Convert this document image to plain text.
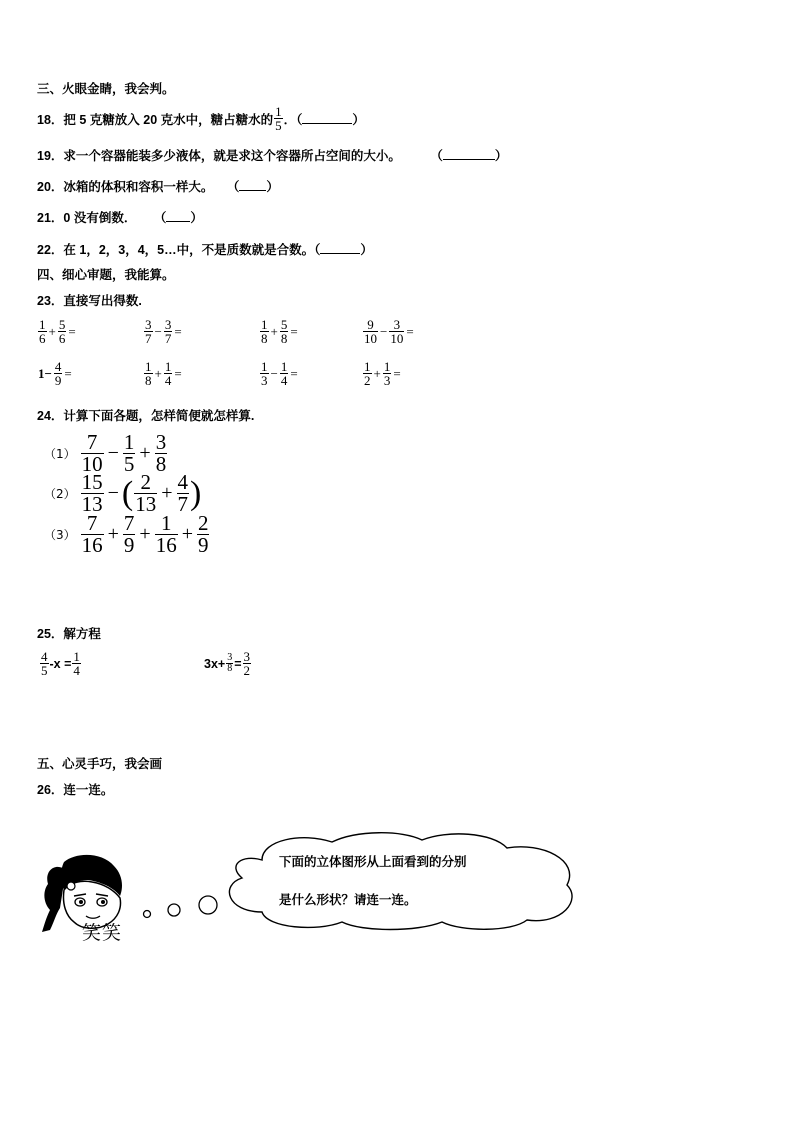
三、火眼金睛，我会判。
18．把 5 克糖放入 20 克水中，糖占糖水的 $\frac{1}{5}$ ．（	）
19．求一个容器能装多少液体，就是求这个容器所占空间的大小。 （	）
20．冰箱的体积和容积一样大。 （ ）
21．0 没有倒数． （ ）
22．在 1，2，3，4，5…中，不是质数就是合数。（	）
四、细心审题，我能算。
23．直接写出得数.
$\frac{1}{6} + \frac{5}{6}$ =	$\frac{3}{7} - \frac{3}{7}$ =	$\frac{1}{8} + \frac{5}{8}$ =	$\frac{9}{10} - \frac{3}{10}$ =
$1- \frac{4}{9}$ =	$\frac{1}{8} + \frac{1}{4}$ =	$\frac{1}{3} - \frac{1}{4}$ =	$\frac{1}{2} + \frac{1}{3}$ =
24．计算下面各题，怎样简便就怎样算.
$(1) \frac{7}{10} - \frac{1}{5} + \frac{3}{8}$
$(2) \frac{15}{13}$ − ( $\frac{2}{13} + \frac{4}{7}$ )
$(3) \frac{7}{16} + \frac{7}{9} + \frac{1}{16} + \frac{2}{9}$
25．解方程
$\frac{4}{5} -x = \frac{1}{4}$	$3x+ \frac{3}{8} = \frac{3}{2}$
五、心灵手巧，我会画
26．连一连。
笑笑
下面的立体图形从上面看到的分别
是什么形状？请连一连。
